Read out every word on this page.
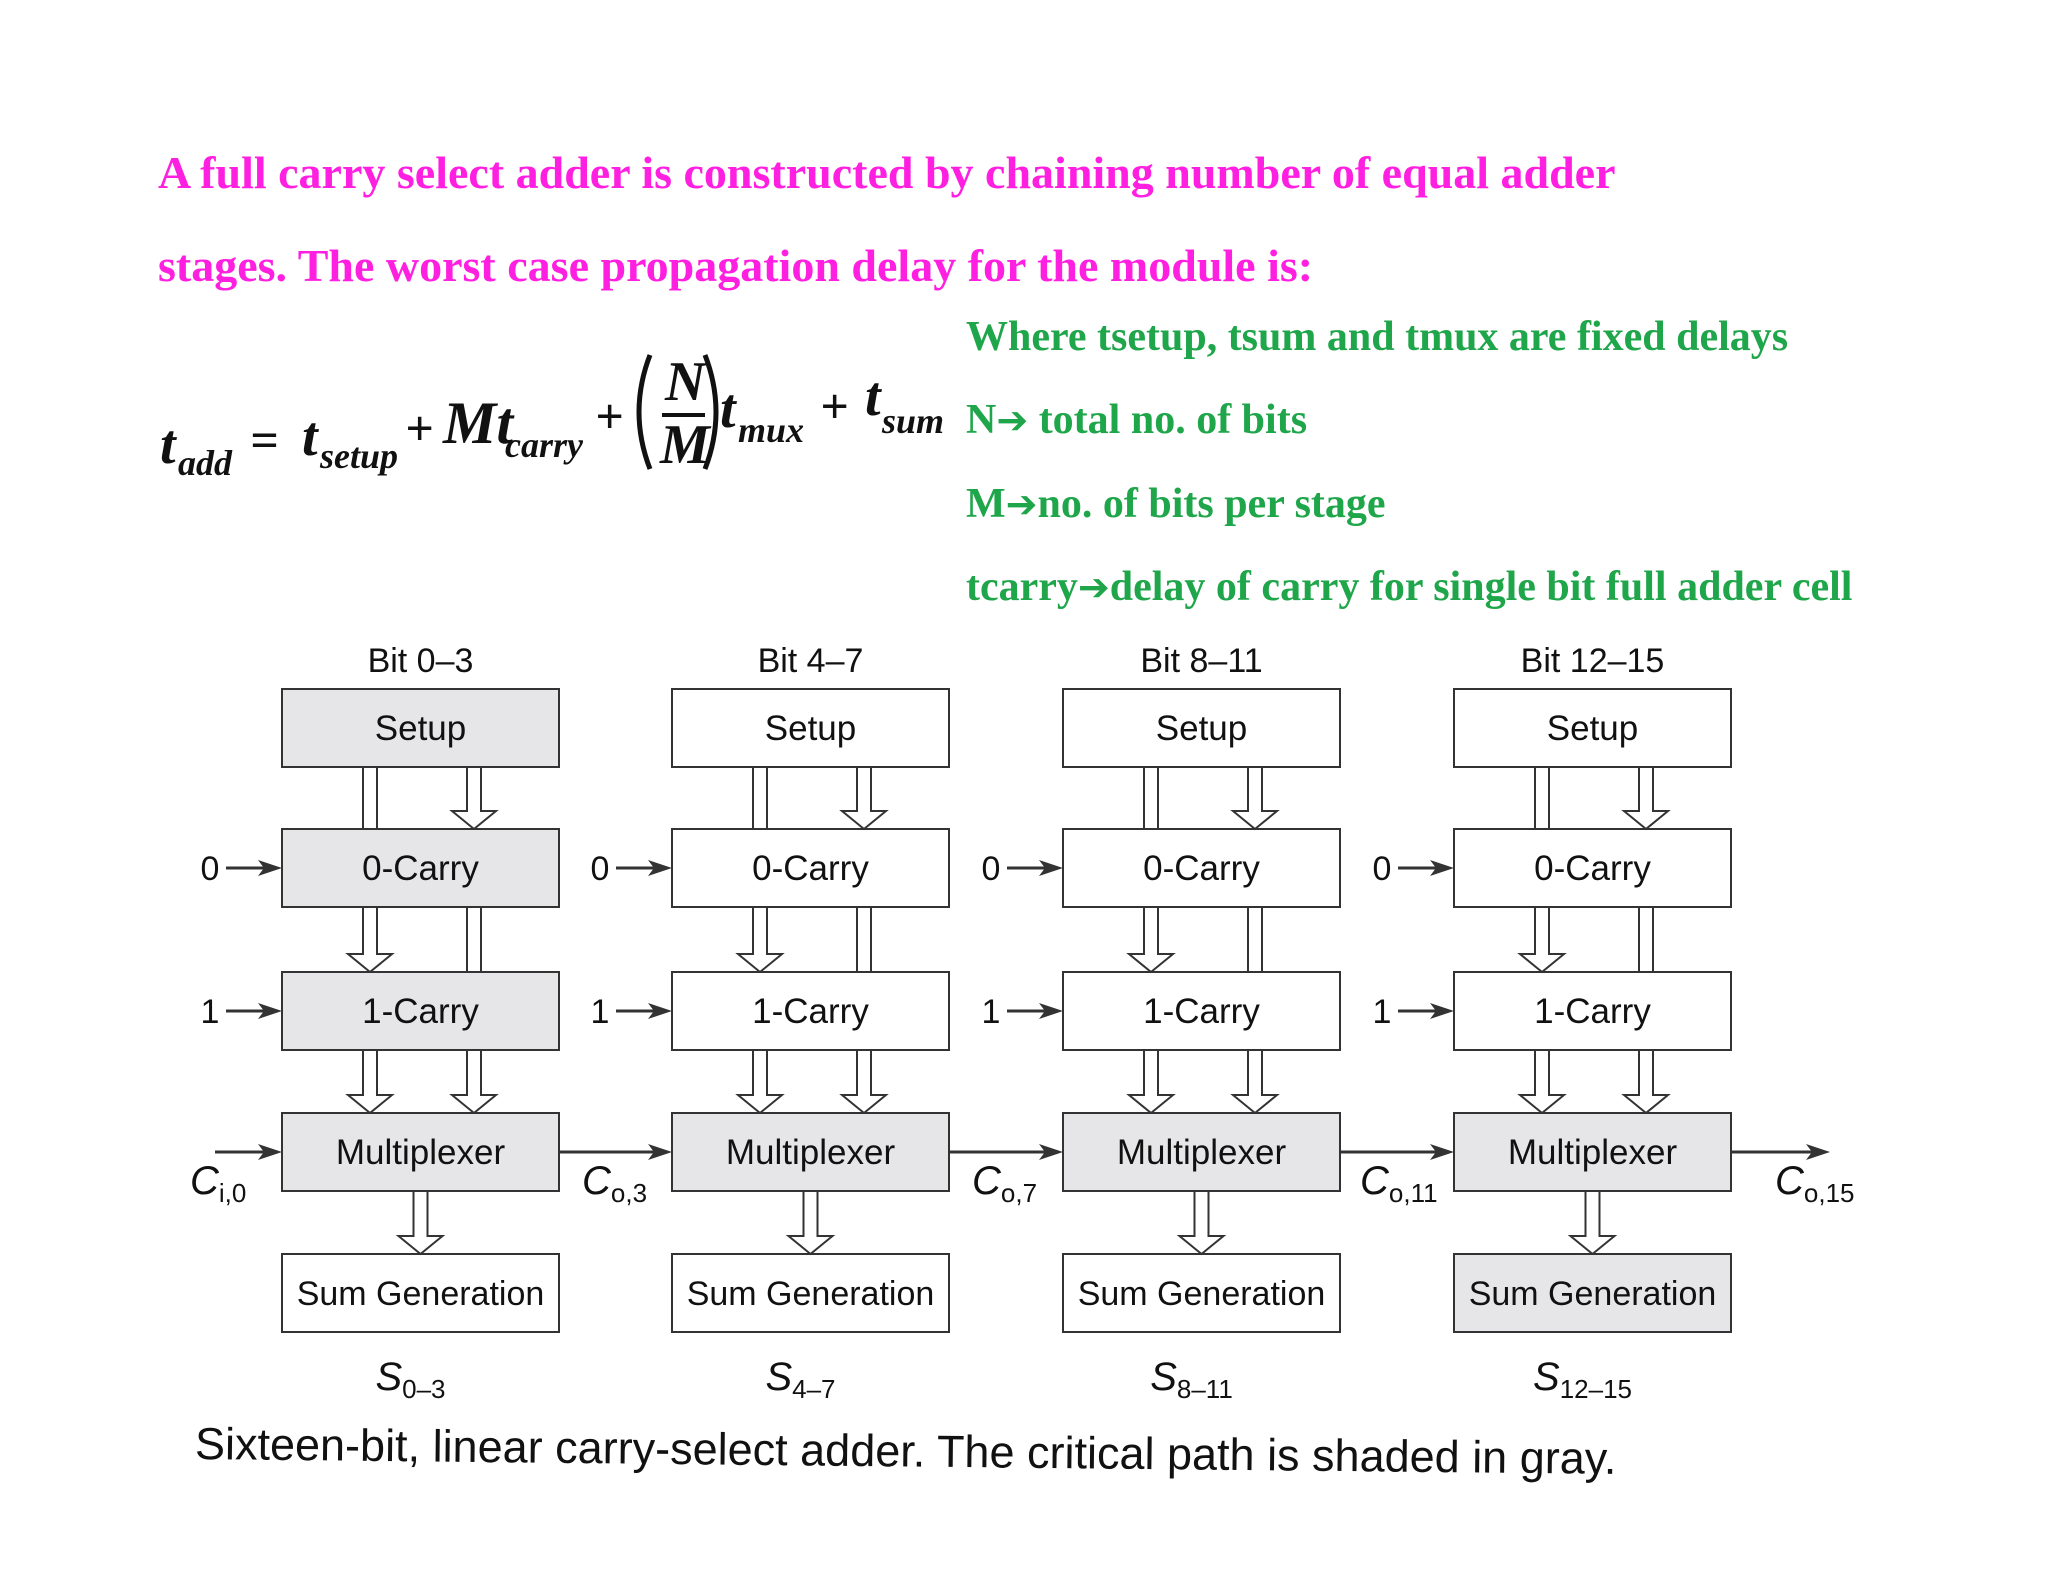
A full carry select adder is constructed by chaining number of equal adder
stages. The worst case propagation delay for the module is:
t add = t setup + Mt
carry
+
N
M
t mux + t sum
Where tsetup, tsum and tmux are fixed delays
N➔ total no. of bits
M➔no. of bits per stage
tcarry➔delay of carry for single bit full adder cell
Bit 0–3
Setup
0-Carry
1-Carry
Multiplexer
Sum Generation
0
1
$S_{0-3}$
Bit 4–7
Setup
0-Carry
1-Carry
Multiplexer
Sum Generation
0
1
$S_{4-7}$
Bit 8–11
Setup
0-Carry
1-Carry
Multiplexer
Sum Generation
0
1
$S_{8-11}$
Bit 12–15
Setup
0-Carry
1-Carry
Multiplexer
Sum Generation
0
1
$S_{12-15}$
$C_{i,0}$	$C_{o,3}$	$C_{o,7}$	$C_{o,11}$	$C_{o,15}$
Sixteen-bit, linear carry-select adder. The critical path is shaded in gray.
